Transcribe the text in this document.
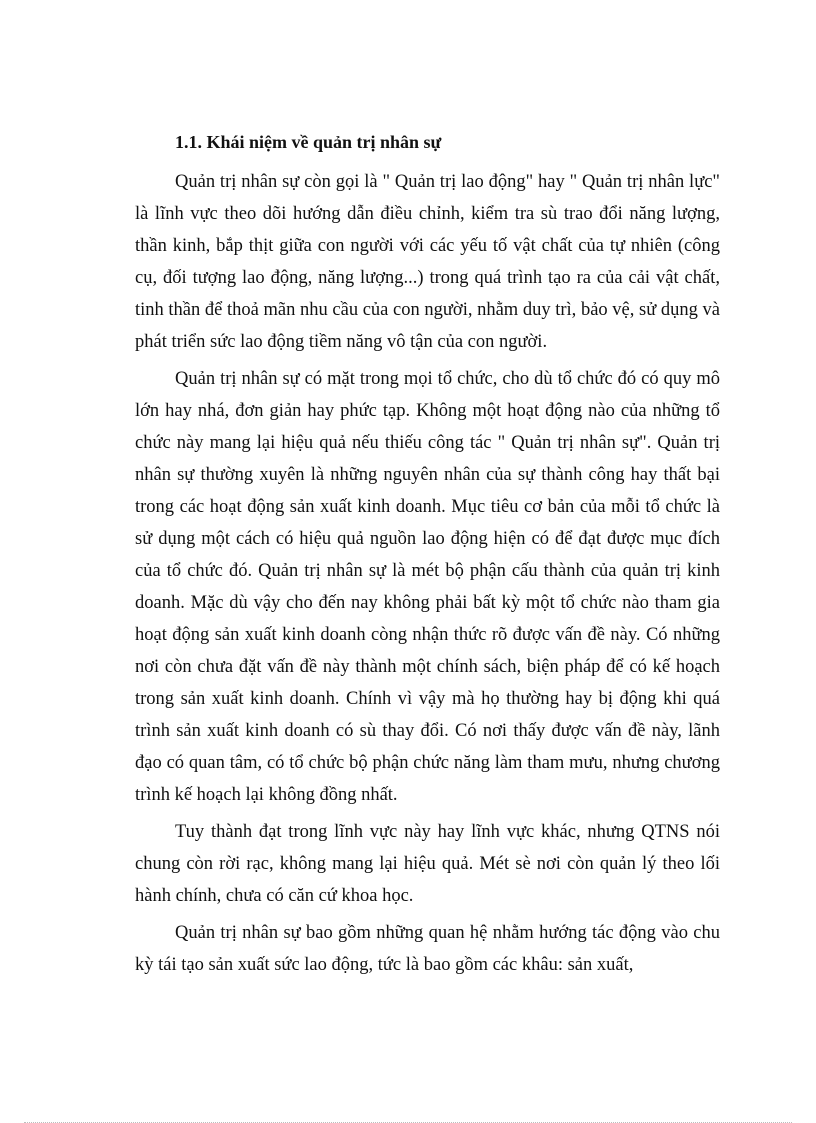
1.1. Khái niệm về quản trị nhân sự

Quản trị nhân sự còn gọi là " Quản trị lao động" hay " Quản trị nhân lực" là lĩnh vực theo dõi hướng dẫn điều chỉnh, kiểm tra sù trao đổi năng lượng, thần kinh, bắp thịt giữa con người với các yếu tố vật chất của tự nhiên (công cụ, đối tượng lao động, năng lượng...) trong quá trình tạo ra của cải vật chất, tinh thần để thoả mãn nhu cầu của con người, nhằm duy trì, bảo vệ, sử dụng và phát triển sức lao động tiềm năng vô tận của con người.

Quản trị nhân sự có mặt trong mọi tổ chức, cho dù tổ chức đó có quy mô lớn hay nhá, đơn giản hay phức tạp. Không một hoạt động nào của những tổ chức này mang lại hiệu quả nếu thiếu công tác " Quản trị nhân sự". Quản trị nhân sự thường xuyên là những nguyên nhân của sự thành công hay thất bại trong các hoạt động sản xuất kinh doanh. Mục tiêu cơ bản của mỗi tổ chức là sử dụng một cách có hiệu quả nguồn lao động hiện có để đạt được mục đích của tổ chức đó. Quản trị nhân sự là mét bộ phận cấu thành của quản trị kinh doanh. Mặc dù vậy cho đến nay không phải bất kỳ một tổ chức nào tham gia hoạt động sản xuất kinh doanh còng nhận thức rõ được vấn đề này. Có những nơi còn chưa đặt vấn đề này thành một chính sách, biện pháp để có kế hoạch trong sản xuất kinh doanh. Chính vì vậy mà họ thường hay bị động khi quá trình sản xuất kinh doanh có sù thay đổi. Có nơi thấy được vấn đề này, lãnh đạo có quan tâm, có tổ chức bộ phận chức năng làm tham mưu, nhưng chương trình kế hoạch lại không đồng nhất.

Tuy thành đạt trong lĩnh vực này hay lĩnh vực khác, nhưng QTNS nói chung còn rời rạc, không mang lại hiệu quả. Mét sè nơi còn quản lý theo lối hành chính, chưa có căn cứ khoa học.

Quản trị nhân sự bao gồm những quan hệ nhằm hướng tác động vào chu kỳ tái tạo sản xuất sức lao động, tức là bao gồm các khâu: sản xuất,
